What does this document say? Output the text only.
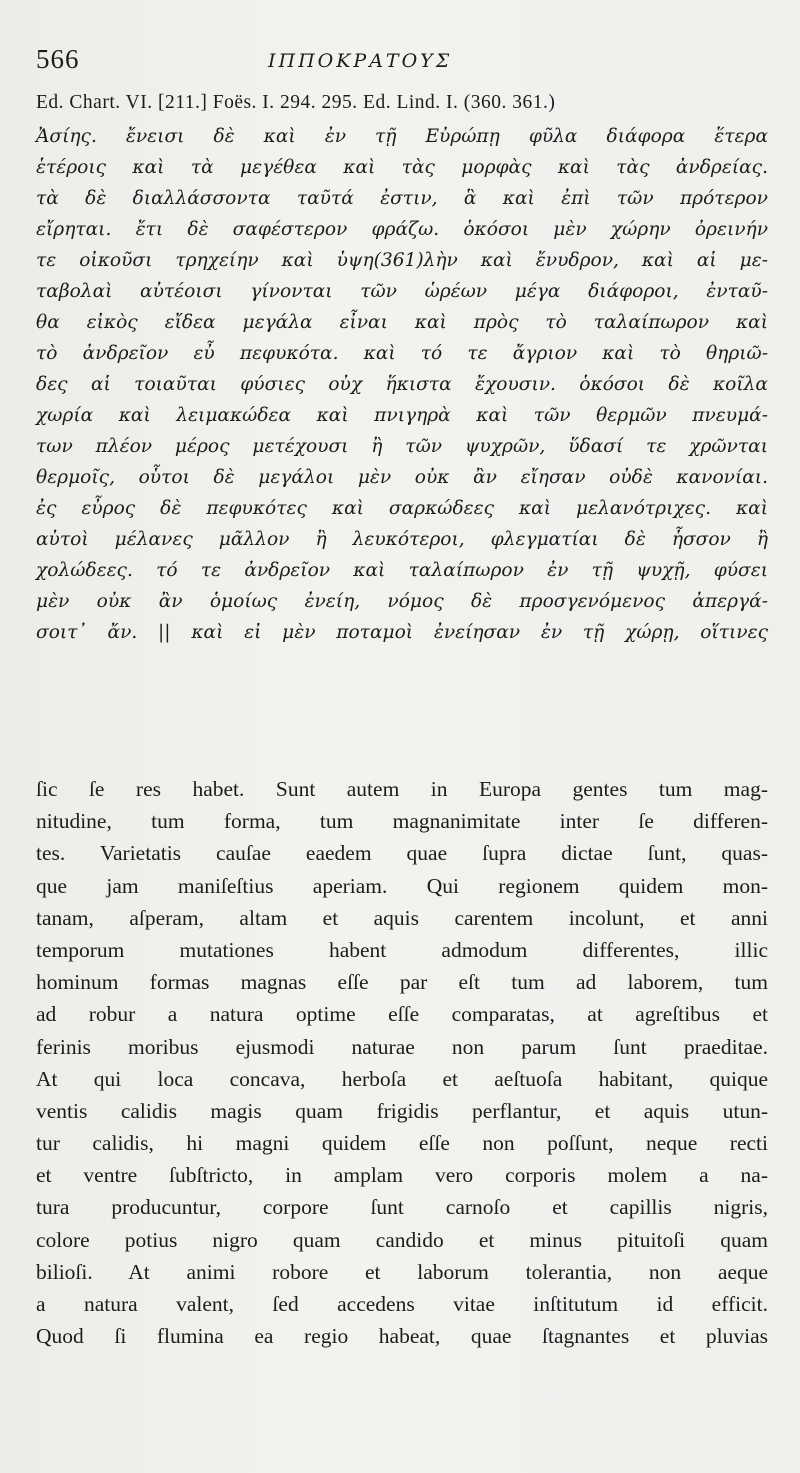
566	ΙΠΠΟΚΡΑΤΟΥΣ
Ed. Chart. VI. [211.] Foës. I. 294. 295. Ed. Lind. I. (360. 361.)
Ἀσίης. ἔνεισι δὲ καὶ ἐν τῇ Εὐρώπῃ φῦλα διάφορα ἕτερα
ἑτέροις καὶ τὰ μεγέθεα καὶ τὰς μορφὰς καὶ τὰς ἀνδρείας.
τὰ δὲ διαλλάσσοντα ταῦτά ἐστιν, ἃ καὶ ἐπὶ τῶν πρότερον
εἴρηται. ἔτι δὲ σαφέστερον φράζω. ὁκόσοι μὲν χώρην ὀρεινήν
τε οἰκοῦσι τρηχείην καὶ ὑψη(361)λὴν καὶ ἔνυδρον, καὶ αἱ με-
ταβολαὶ αὐτέοισι γίνονται τῶν ὡρέων μέγα διάφοροι, ἐνταῦ-
θα εἰκὸς εἴδεα μεγάλα εἶναι καὶ πρὸς τὸ ταλαίπωρον καὶ
τὸ ἀνδρεῖον εὖ πεφυκότα. καὶ τό τε ἄγριον καὶ τὸ θηριῶ-
δες αἱ τοιαῦται φύσιες οὐχ ἥκιστα ἔχουσιν. ὁκόσοι δὲ κοῖλα
χωρία καὶ λειμακώδεα καὶ πνιγηρὰ καὶ τῶν θερμῶν πνευμά-
των πλέον μέρος μετέχουσι ἢ τῶν ψυχρῶν, ὕδασί τε χρῶνται
θερμοῖς, οὗτοι δὲ μεγάλοι μὲν οὐκ ἂν εἴησαν οὐδὲ κανονίαι.
ἐς εὖρος δὲ πεφυκότες καὶ σαρκώδεες καὶ μελανότριχες. καὶ
αὐτοὶ μέλανες μᾶλλον ἢ λευκότεροι, φλεγματίαι δὲ ἧσσον ἢ
χολώδεες. τό τε ἀνδρεῖον καὶ ταλαίπωρον ἐν τῇ ψυχῇ, φύσει
μὲν οὐκ ἂν ὁμοίως ἐνείη, νόμος δὲ προσγενόμενος ἀπεργά-
σοιτ᾽ ἄν. || καὶ εἰ μὲν ποταμοὶ ἐνείησαν ἐν τῇ χώρῃ, οἵτινες
ſic ſe res habet. Sunt autem in Europa gentes tum mag-
nitudine, tum forma, tum magnanimitate inter ſe differen-
tes. Varietatis cauſae eaedem quae ſupra dictae ſunt, quas-
que jam maniſeſtius aperiam. Qui regionem quidem mon-
tanam, aſperam, altam et aquis carentem incolunt, et anni
temporum mutationes habent admodum differentes, illic
hominum formas magnas eſſe par eſt tum ad laborem, tum
ad robur a natura optime eſſe comparatas, at agreſtibus et
ferinis moribus ejusmodi naturae non parum ſunt praeditae.
At qui loca concava, herboſa et aeſtuoſa habitant, quique
ventis calidis magis quam frigidis perflantur, et aquis utun-
tur calidis, hi magni quidem eſſe non poſſunt, neque recti
et ventre ſubſtricto, in amplam vero corporis molem a na-
tura producuntur, corpore ſunt carnoſo et capillis nigris,
colore potius nigro quam candido et minus pituitoſi quam
bilioſi. At animi robore et laborum tolerantia, non aeque
a natura valent, ſed accedens vitae inſtitutum id efficit.
Quod ſi flumina ea regio habeat, quae ſtagnantes et pluvias
